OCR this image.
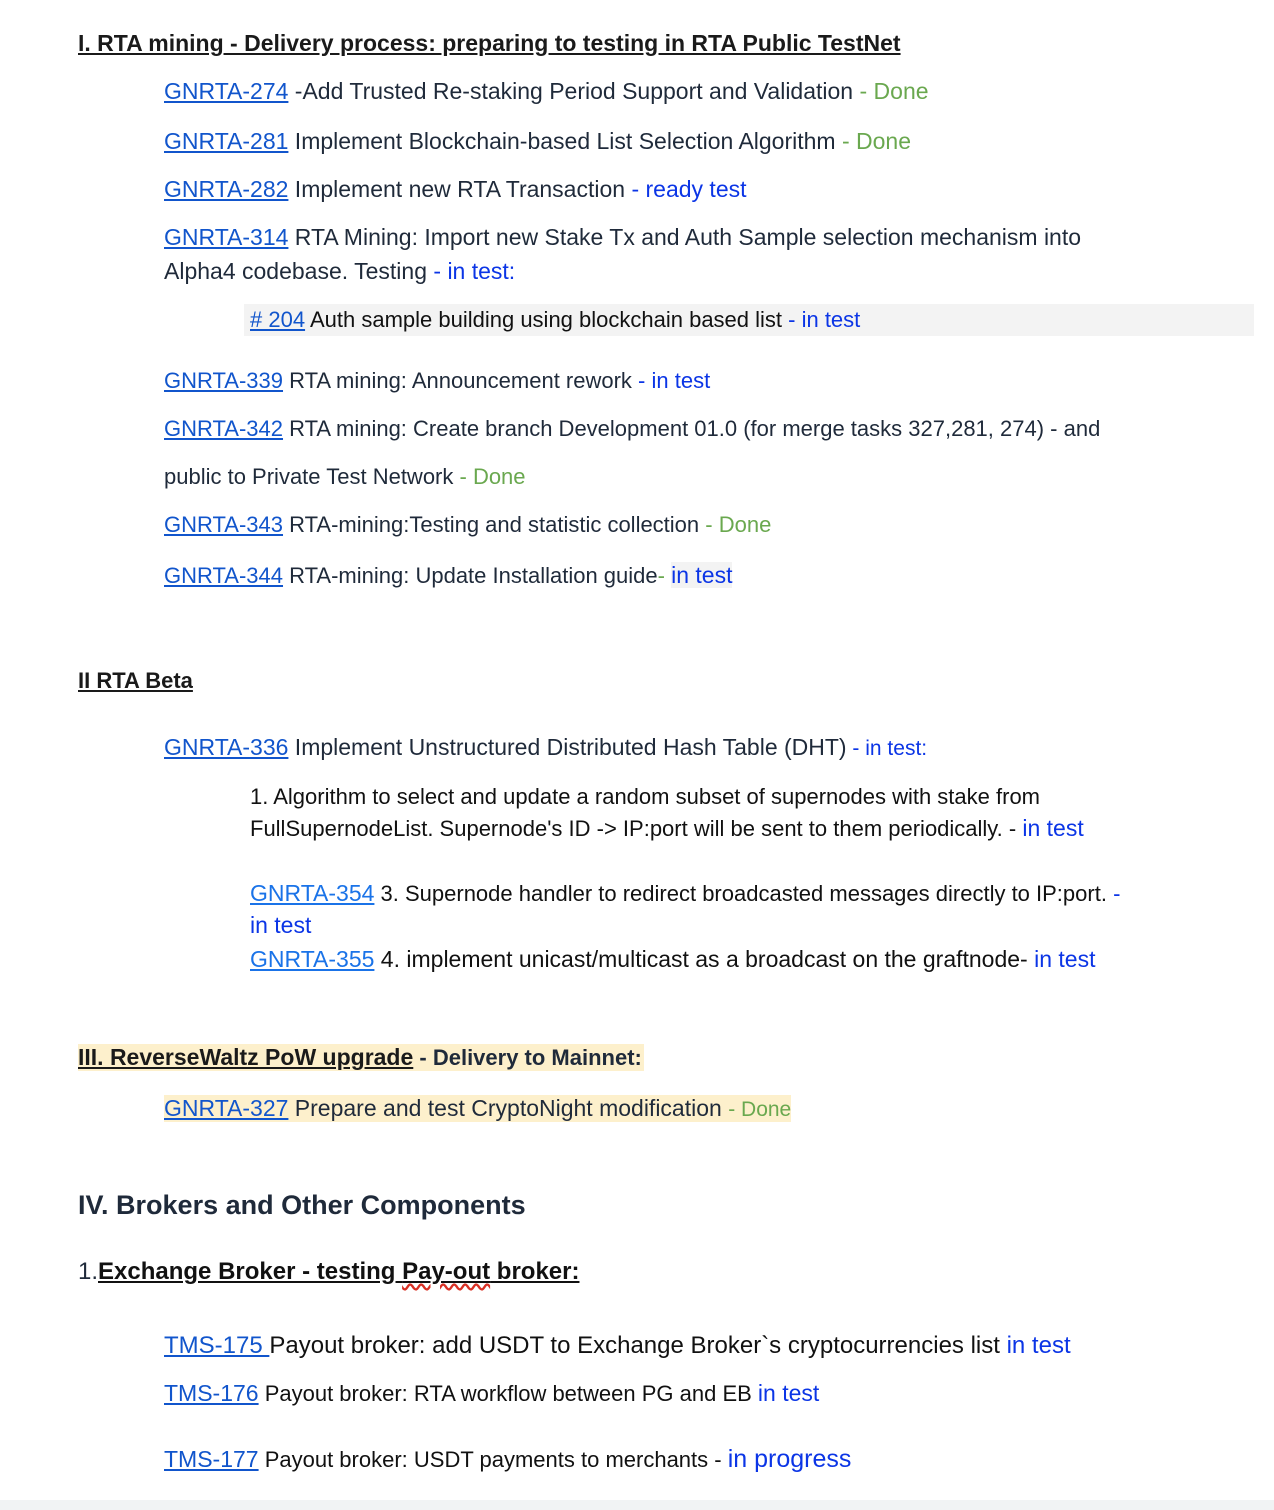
I. RTA mining - Delivery process: preparing to testing in RTA Public TestNet
GNRTA-274 -Add Trusted Re-staking Period Support and Validation - Done
GNRTA-281 Implement Blockchain-based List Selection Algorithm - Done
GNRTA-282 Implement new RTA Transaction - ready test
GNRTA-314 RTA Mining: Import new Stake Tx and Auth Sample selection mechanism into
Alpha4 codebase. Testing - in test:
# 204 Auth sample building using blockchain based list - in test
GNRTA-339 RTA mining: Announcement rework - in test
GNRTA-342 RTA mining: Create branch Development 01.0 (for merge tasks 327,281, 274) - and
public to Private Test Network - Done
GNRTA-343 RTA-mining:Testing and statistic collection - Done
GNRTA-344 RTA-mining: Update Installation guide- in test
II RTA Beta
GNRTA-336 Implement Unstructured Distributed Hash Table (DHT) - in test:
1. Algorithm to select and update a random subset of supernodes with stake from
FullSupernodeList. Supernode's ID -> IP:port will be sent to them periodically. - in test
GNRTA-354 3. Supernode handler to redirect broadcasted messages directly to IP:port. -
in test
GNRTA-355 4. implement unicast/multicast as a broadcast on the graftnode- in test
III. ReverseWaltz PoW upgrade - Delivery to Mainnet:
GNRTA-327 Prepare and test CryptoNight modification - Done
IV. Brokers and Other Components
1.Exchange Broker - testing Pay-out broker:
TMS-175 Payout broker: add USDT to Exchange Broker`s cryptocurrencies list in test
TMS-176 Payout broker: RTA workflow between PG and EB in test
TMS-177 Payout broker: USDT payments to merchants - in progress
